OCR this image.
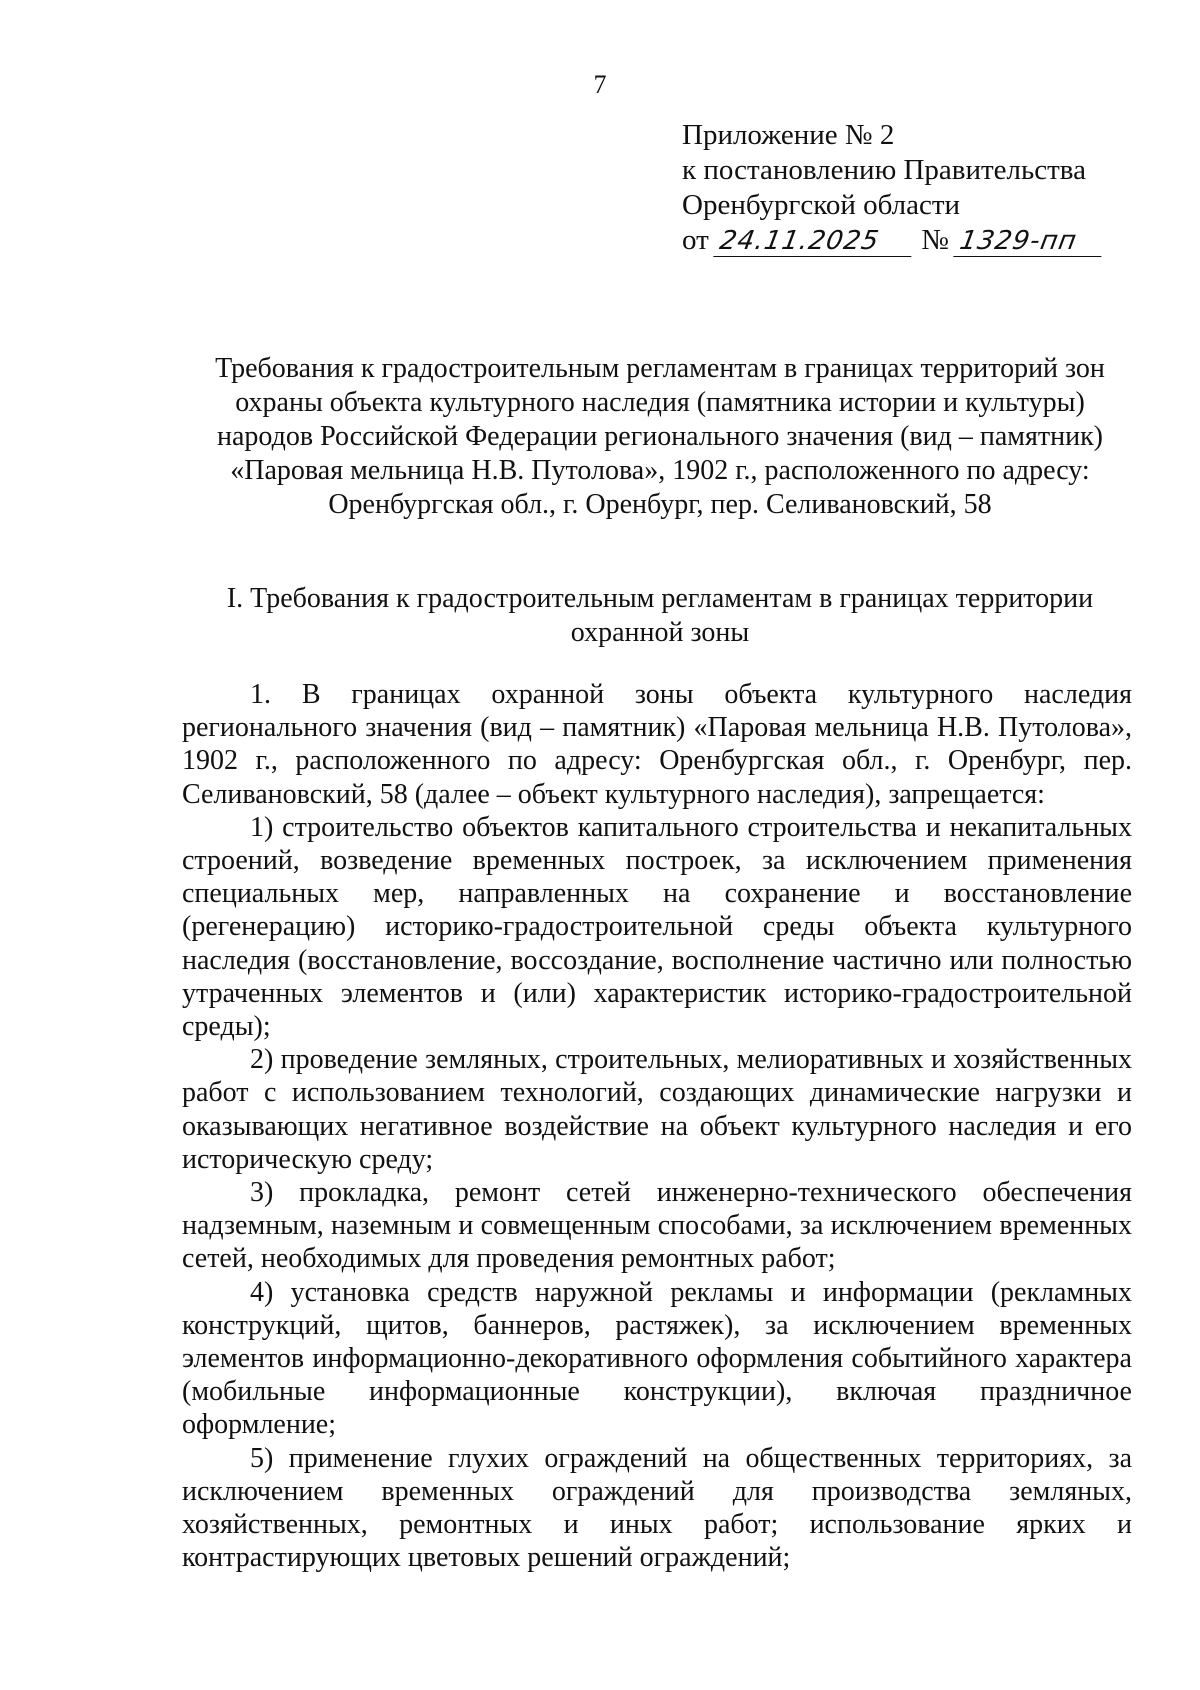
7
Приложение № 2
к постановлению Правительства
Оренбургской области
от 24.11.2025 № 1329-пп
Требования к градостроительным регламентам в границах территорий зон
охраны объекта культурного наследия (памятника истории и культуры)
народов Российской Федерации регионального значения (вид – памятник)
«Паровая мельница Н.В. Путолова», 1902 г., расположенного по адресу:
Оренбургская обл., г. Оренбург, пер. Селивановский, 58
I. Требования к градостроительным регламентам в границах территории
охранной зоны

1. В границах охранной зоны объекта культурного наследия регионального значения (вид – памятник) «Паровая мельница Н.В. Путолова», 1902 г., расположенного по адресу: Оренбургская обл., г. Оренбург, пер. Селивановский, 58 (далее – объект культурного наследия), запрещается:

1) строительство объектов капитального строительства и некапитальных строений, возведение временных построек, за исключением применения специальных мер, направленных на сохранение и восстановление (регенерацию) историко-градостроительной среды объекта культурного наследия (восстановление, воссоздание, восполнение частично или полностью утраченных элементов и (или) характеристик историко-градостроительной среды);

2) проведение земляных, строительных, мелиоративных и хозяйственных работ с использованием технологий, создающих динамические нагрузки и оказывающих негативное воздействие на объект культурного наследия и его историческую среду;

3) прокладка, ремонт сетей инженерно-технического обеспечения надземным, наземным и совмещенным способами, за исключением временных сетей, необходимых для проведения ремонтных работ;

4) установка средств наружной рекламы и информации (рекламных конструкций, щитов, баннеров, растяжек), за исключением временных элементов информационно-декоративного оформления событийного характера (мобильные информационные конструкции), включая праздничное оформление;

5) применение глухих ограждений на общественных территориях, за исключением временных ограждений для производства земляных, хозяйственных, ремонтных и иных работ; использование ярких и контрастирующих цветовых решений ограждений;
